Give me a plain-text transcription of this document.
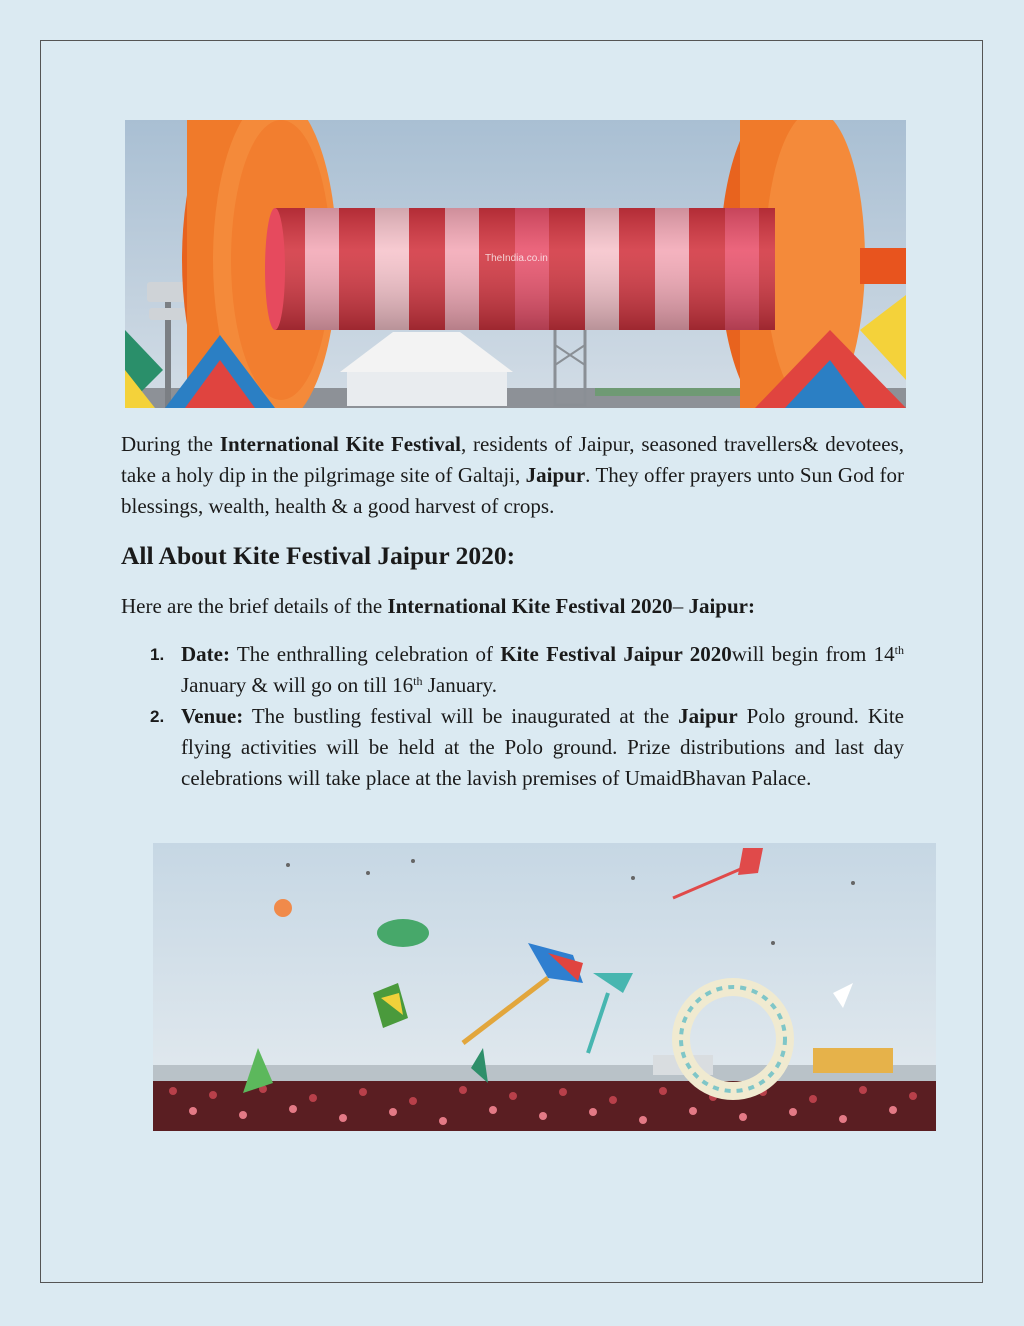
TheIndia.co.in

During the International Kite Festival, residents of Jaipur, seasoned travellers& devotees, take a holy dip in the pilgrimage site of Galtaji, Jaipur. They offer prayers unto Sun God for blessings, wealth, health & a good harvest of crops.

All About Kite Festival Jaipur 2020:

Here are the brief details of the International Kite Festival 2020– Jaipur:

1. Date: The enthralling celebration of Kite Festival Jaipur 2020will begin from 14th January & will go on till 16th January.
2. Venue: The bustling festival will be inaugurated at the Jaipur Polo ground. Kite flying activities will be held at the Polo ground. Prize distributions and last day celebrations will take place at the lavish premises of UmaidBhavan Palace.
